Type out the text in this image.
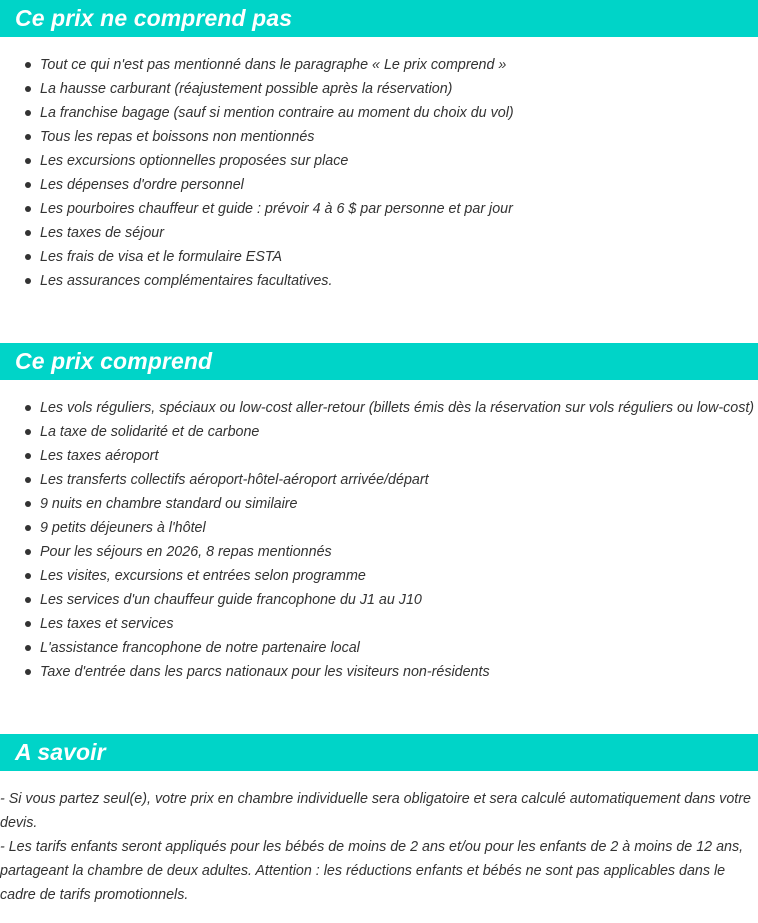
Ce prix ne comprend pas
Tout ce qui n'est pas mentionné dans le paragraphe « Le prix comprend »
La hausse carburant (réajustement possible après la réservation)
La franchise bagage (sauf si mention contraire au moment du choix du vol)
Tous les repas et boissons non mentionnés
Les excursions optionnelles proposées sur place
Les dépenses d'ordre personnel
Les pourboires chauffeur et guide : prévoir 4 à 6 $ par personne et par jour
Les taxes de séjour
Les frais de visa et le formulaire ESTA
Les assurances complémentaires facultatives.
Ce prix comprend
Les vols réguliers, spéciaux ou low-cost aller-retour (billets émis dès la réservation sur vols réguliers ou low-cost)
La taxe de solidarité et de carbone
Les taxes aéroport
Les transferts collectifs aéroport-hôtel-aéroport arrivée/départ
9 nuits en chambre standard ou similaire
9 petits déjeuners à l'hôtel
Pour les séjours en 2026, 8 repas mentionnés
Les visites, excursions et entrées selon programme
Les services d'un chauffeur guide francophone du J1 au J10
Les taxes et services
L'assistance francophone de notre partenaire local
Taxe d'entrée dans les parcs nationaux pour les visiteurs non-résidents
A savoir

- Si vous partez seul(e), votre prix en chambre individuelle sera obligatoire et sera calculé automatiquement dans votre devis.

- Les tarifs enfants seront appliqués pour les bébés de moins de 2 ans et/ou pour les enfants de 2 à moins de 12 ans, partageant la chambre de deux adultes. Attention : les réductions enfants et bébés ne sont pas applicables dans le cadre de tarifs promotionnels.
